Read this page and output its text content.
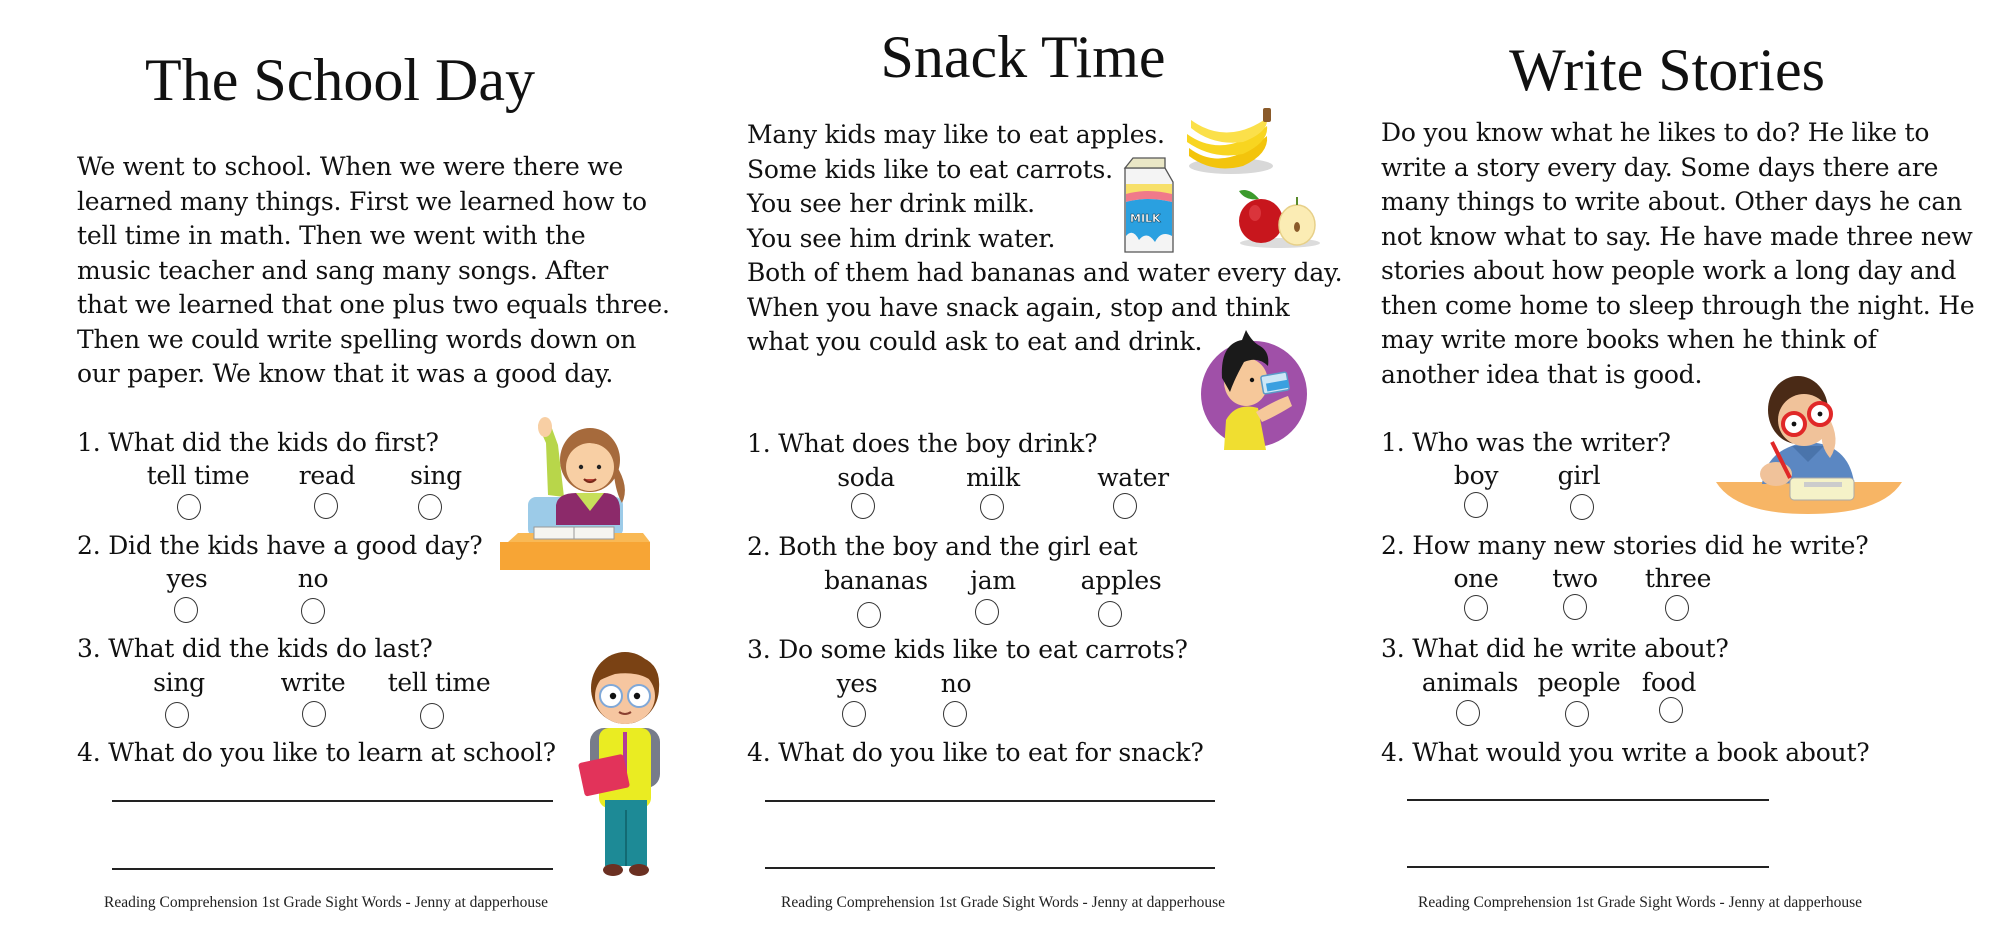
The School Day
We went to school. When we were there we
learned many things. First we learned how to
tell time in math. Then we went with the
music teacher and sang many songs. After
that we learned that one plus two equals three.
Then we could write spelling words down on
our paper. We know that it was a good day.
1. What did the kids do first?
tell time read sing
2. Did the kids have a good day?
yes	no
3. What did the kids do last?
sing	write tell time
4. What do you like to learn at school?
Reading Comprehension 1st Grade Sight Words - Jenny at dapperhouse
Snack Time
Many kids may like to eat apples.
Some kids like to eat carrots.
You see her drink milk.
You see him drink water.
Both of them had bananas and water every day.
When you have snack again, stop and think
what you could ask to eat and drink.
1. What does the boy drink?
soda	milk	water
2. Both the boy and the girl eat
bananas jam	apples
3. Do some kids like to eat carrots?
yes	no
4. What do you like to eat for snack?
Reading Comprehension 1st Grade Sight Words - Jenny at dapperhouse
MILK
Write Stories
Do you know what he likes to do? He like to
write a story every day. Some days there are
many things to write about. Other days he can
not know what to say. He have made three new
stories about how people work a long day and
then come home to sleep through the night. He
may write more books when he think of
another idea that is good.
1. Who was the writer?
boy girl
2. How many new stories did he write?
one two three
3. What did he write about?
animals people food
4. What would you write a book about?
Reading Comprehension 1st Grade Sight Words - Jenny at dapperhouse
